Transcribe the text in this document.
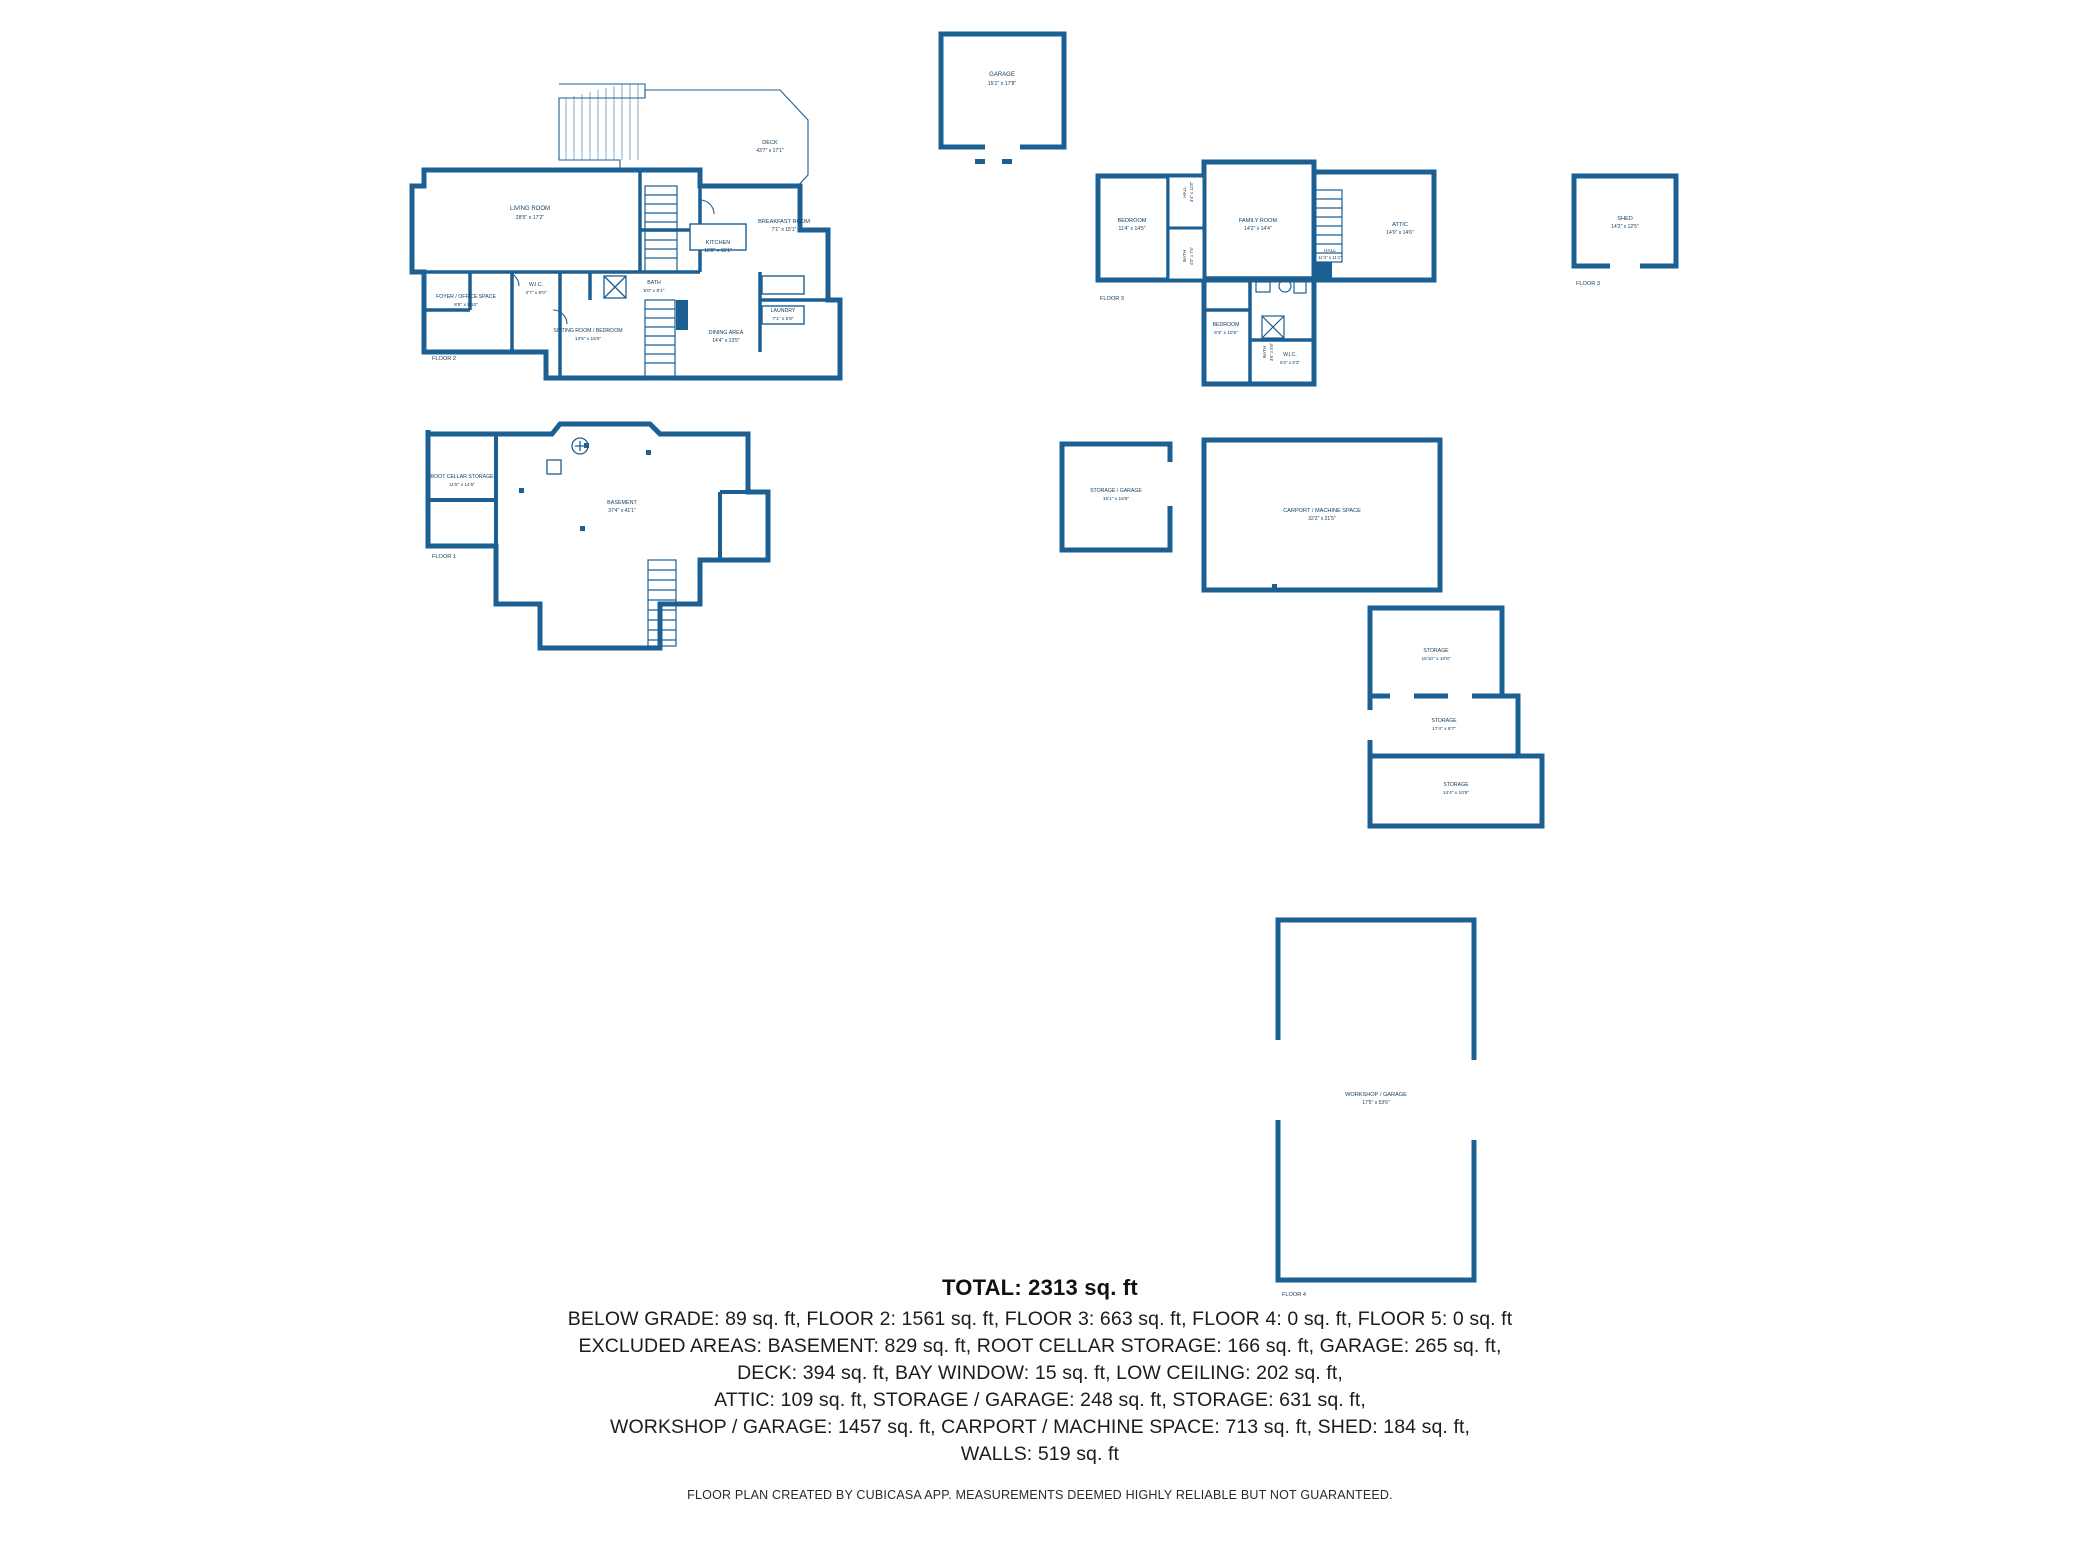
GARAGE
15'1" x 17'8"
LIVING ROOM
28'5" x 17'2"
KITCHEN
18'8" x 15'1"
BREAKFAST ROOM
7'1" x 15'1"
FOYER / OFFICE SPACE
8'8" x 8'10"
W.I.C.
4'7" x 8'0"
BATH
8'0" x 8'1"
SITTING ROOM / BEDROOM
13'5" x 15'0"
LAUNDRY
7'1" x 5'8"
DINING AREA
14'4" x 13'5"
DECK
43'7" x 17'1"
FLOOR 2
BEDROOM
11'4" x 14'5"
FAMILY ROOM
14'2" x 14'4"
ATTIC
14'0" x 14'6"
HALL 3'4" x 11'8"
BATH 4'0" x 7'5"	HALL
11'4" x 11'1"
BATH 3'6" x 5'8"
BEDROOM
9'3" x 10'5"
W.I.C.
5'3" x 5'3"
FLOOR 3
SHED
14'2" x 12'5"
FLOOR 3
ROOT CELLAR STORAGE
11'5" x 14'5"
BASEMENT
37'4" x 41'1"
FLOOR 1
STORAGE / GARAGE
15'1" x 16'8"
CARPORT / MACHINE SPACE
32'2" x 21'5"
STORAGE
16'10" x 10'8"
STORAGE
17'4" x 8'7"
STORAGE
14'4" x 10'8"
WORKSHOP / GARAGE
17'5" x 53'6"
FLOOR 4
TOTAL: 2313 sq. ft
BELOW GRADE: 89 sq. ft, FLOOR 2: 1561 sq. ft, FLOOR 3: 663 sq. ft, FLOOR 4: 0 sq. ft, FLOOR 5: 0 sq. ft
EXCLUDED AREAS: BASEMENT: 829 sq. ft, ROOT CELLAR STORAGE: 166 sq. ft, GARAGE: 265 sq. ft,
DECK: 394 sq. ft, BAY WINDOW: 15 sq. ft, LOW CEILING: 202 sq. ft,
ATTIC: 109 sq. ft, STORAGE / GARAGE: 248 sq. ft, STORAGE: 631 sq. ft,
WORKSHOP / GARAGE: 1457 sq. ft, CARPORT / MACHINE SPACE: 713 sq. ft, SHED: 184 sq. ft,
WALLS: 519 sq. ft
FLOOR PLAN CREATED BY CUBICASA APP. MEASUREMENTS DEEMED HIGHLY RELIABLE BUT NOT GUARANTEED.
